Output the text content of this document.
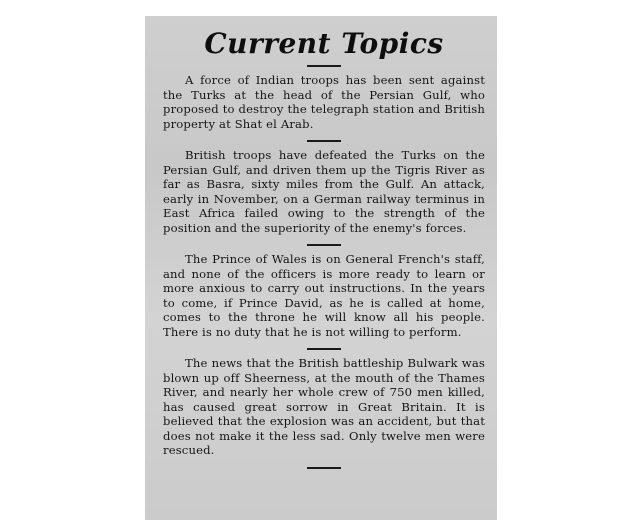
Current Topics

A force of Indian troops has been sent against the Turks at the head of the Persian Gulf, who proposed to destroy the telegraph station and British property at Shat el Arab.

British troops have defeated the Turks on the Persian Gulf, and driven them up the Tigris River as far as Basra, sixty miles from the Gulf. An attack, early in November, on a German railway terminus in East Africa failed owing to the strength of the position and the superiority of the enemy's forces.

The Prince of Wales is on General French's staff, and none of the officers is more ready to learn or more anxious to carry out instructions. In the years to come, if Prince David, as he is called at home, comes to the throne he will know all his people. There is no duty that he is not willing to perform.

The news that the British battleship Bulwark was blown up off Sheerness, at the mouth of the Thames River, and nearly her whole crew of 750 men killed, has caused great sorrow in Great Britain. It is believed that the explosion was an accident, but that does not make it the less sad. Only twelve men were rescued.
